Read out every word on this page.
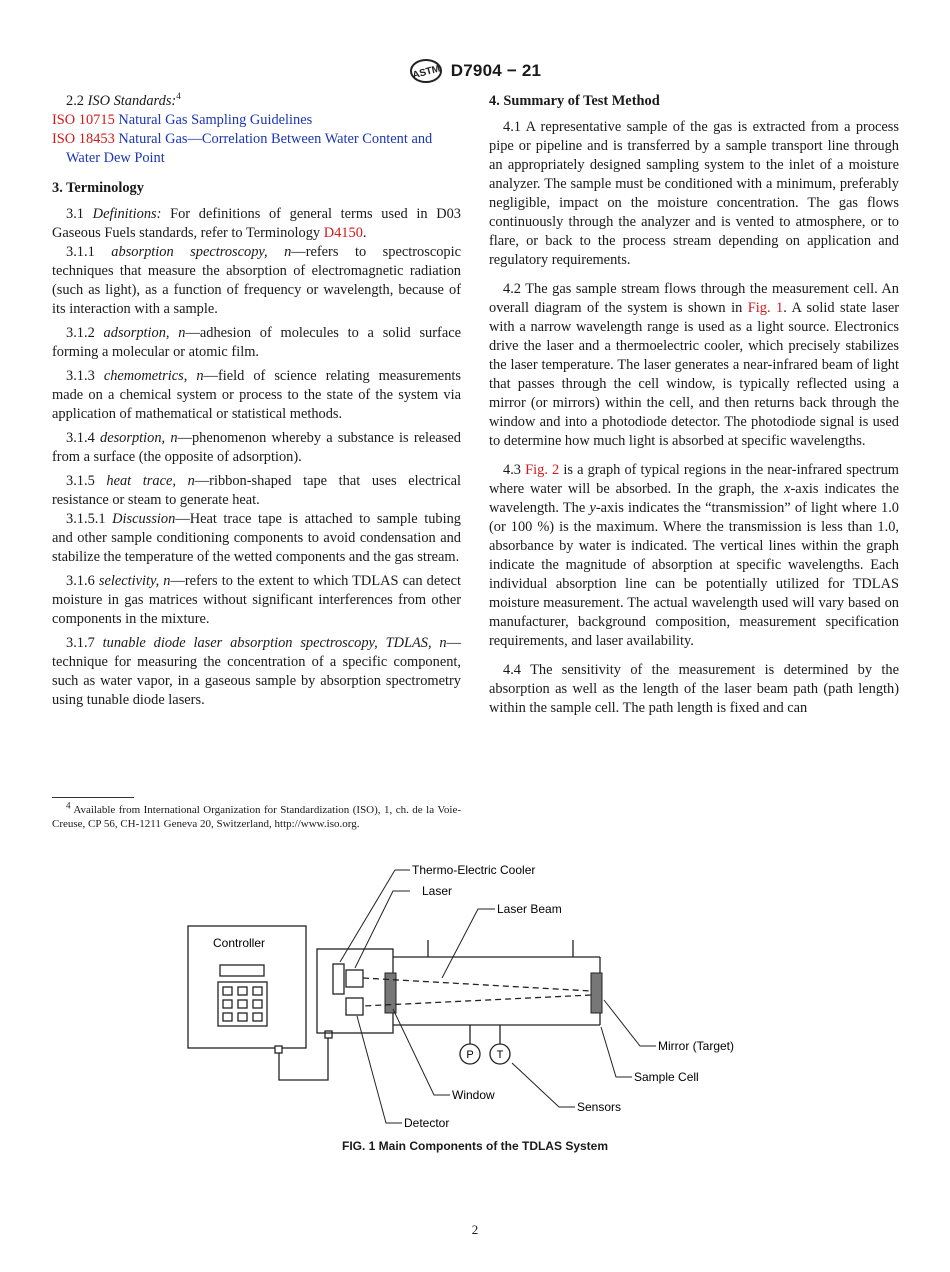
ASTM D7904 − 21

2.2 ISO Standards:$^4$

ISO 10715 Natural Gas Sampling Guidelines

ISO 18453 Natural Gas—Correlation Between Water Content and Water Dew Point

3. Terminology

3.1 Definitions: For definitions of general terms used in D03 Gaseous Fuels standards, refer to Terminology D4150.

3.1.1 absorption spectroscopy, n—refers to spectroscopic techniques that measure the absorption of electromagnetic radiation (such as light), as a function of frequency or wavelength, because of its interaction with a sample.

3.1.2 adsorption, n—adhesion of molecules to a solid surface forming a molecular or atomic film.

3.1.3 chemometrics, n—field of science relating measurements made on a chemical system or process to the state of the system via application of mathematical or statistical methods.

3.1.4 desorption, n—phenomenon whereby a substance is released from a surface (the opposite of adsorption).

3.1.5 heat trace, n—ribbon-shaped tape that uses electrical resistance or steam to generate heat.

3.1.5.1 Discussion—Heat trace tape is attached to sample tubing and other sample conditioning components to avoid condensation and stabilize the temperature of the wetted components and the gas stream.

3.1.6 selectivity, n—refers to the extent to which TDLAS can detect moisture in gas matrices without significant interferences from other components in the mixture.

3.1.7 tunable diode laser absorption spectroscopy, TDLAS, n—technique for measuring the concentration of a specific component, such as water vapor, in a gaseous sample by absorption spectrometry using tunable diode lasers.

4. Summary of Test Method

4.1 A representative sample of the gas is extracted from a process pipe or pipeline and is transferred by a sample transport line through an appropriately designed sampling system to the inlet of a moisture analyzer. The sample must be conditioned with a minimum, preferably negligible, impact on the moisture concentration. The gas flows continuously through the analyzer and is vented to atmosphere, or to flare, or back to the process stream depending on application and regulatory requirements.

4.2 The gas sample stream flows through the measurement cell. An overall diagram of the system is shown in Fig. 1. A solid state laser with a narrow wavelength range is used as a light source. Electronics drive the laser and a thermoelectric cooler, which precisely stabilizes the laser temperature. The laser generates a near-infrared beam of light that passes through the cell window, is typically reflected using a mirror (or mirrors) within the cell, and then returns back through the window and into a photodiode detector. The photodiode signal is used to determine how much light is absorbed at specific wavelengths.

4.3 Fig. 2 is a graph of typical regions in the near-infrared spectrum where water will be absorbed. In the graph, the x-axis indicates the wavelength. The y-axis indicates the “transmission” of light where 1.0 (or 100 %) is the maximum. Where the transmission is less than 1.0, absorbance by water is indicated. The vertical lines within the graph indicate the magnitude of absorption at specific wavelengths. Each individual absorption line can be potentially utilized for TDLAS moisture measurement. The actual wavelength used will vary based on manufacturer, background composition, measurement specification requirements, and laser availability.

4.4 The sensitivity of the measurement is determined by the absorption as well as the length of the laser beam path (path length) within the sample cell. The path length is fixed and can

$^4$ Available from International Organization for Standardization (ISO), 1, ch. de la Voie-Creuse, CP 56, CH-1211 Geneva 20, Switzerland, http://www.iso.org.
P T
Controller
Thermo-Electric Cooler
Laser
Laser Beam
Mirror (Target)
Sample Cell
Sensors
Window
Detector
FIG. 1 Main Components of the TDLAS System
2
